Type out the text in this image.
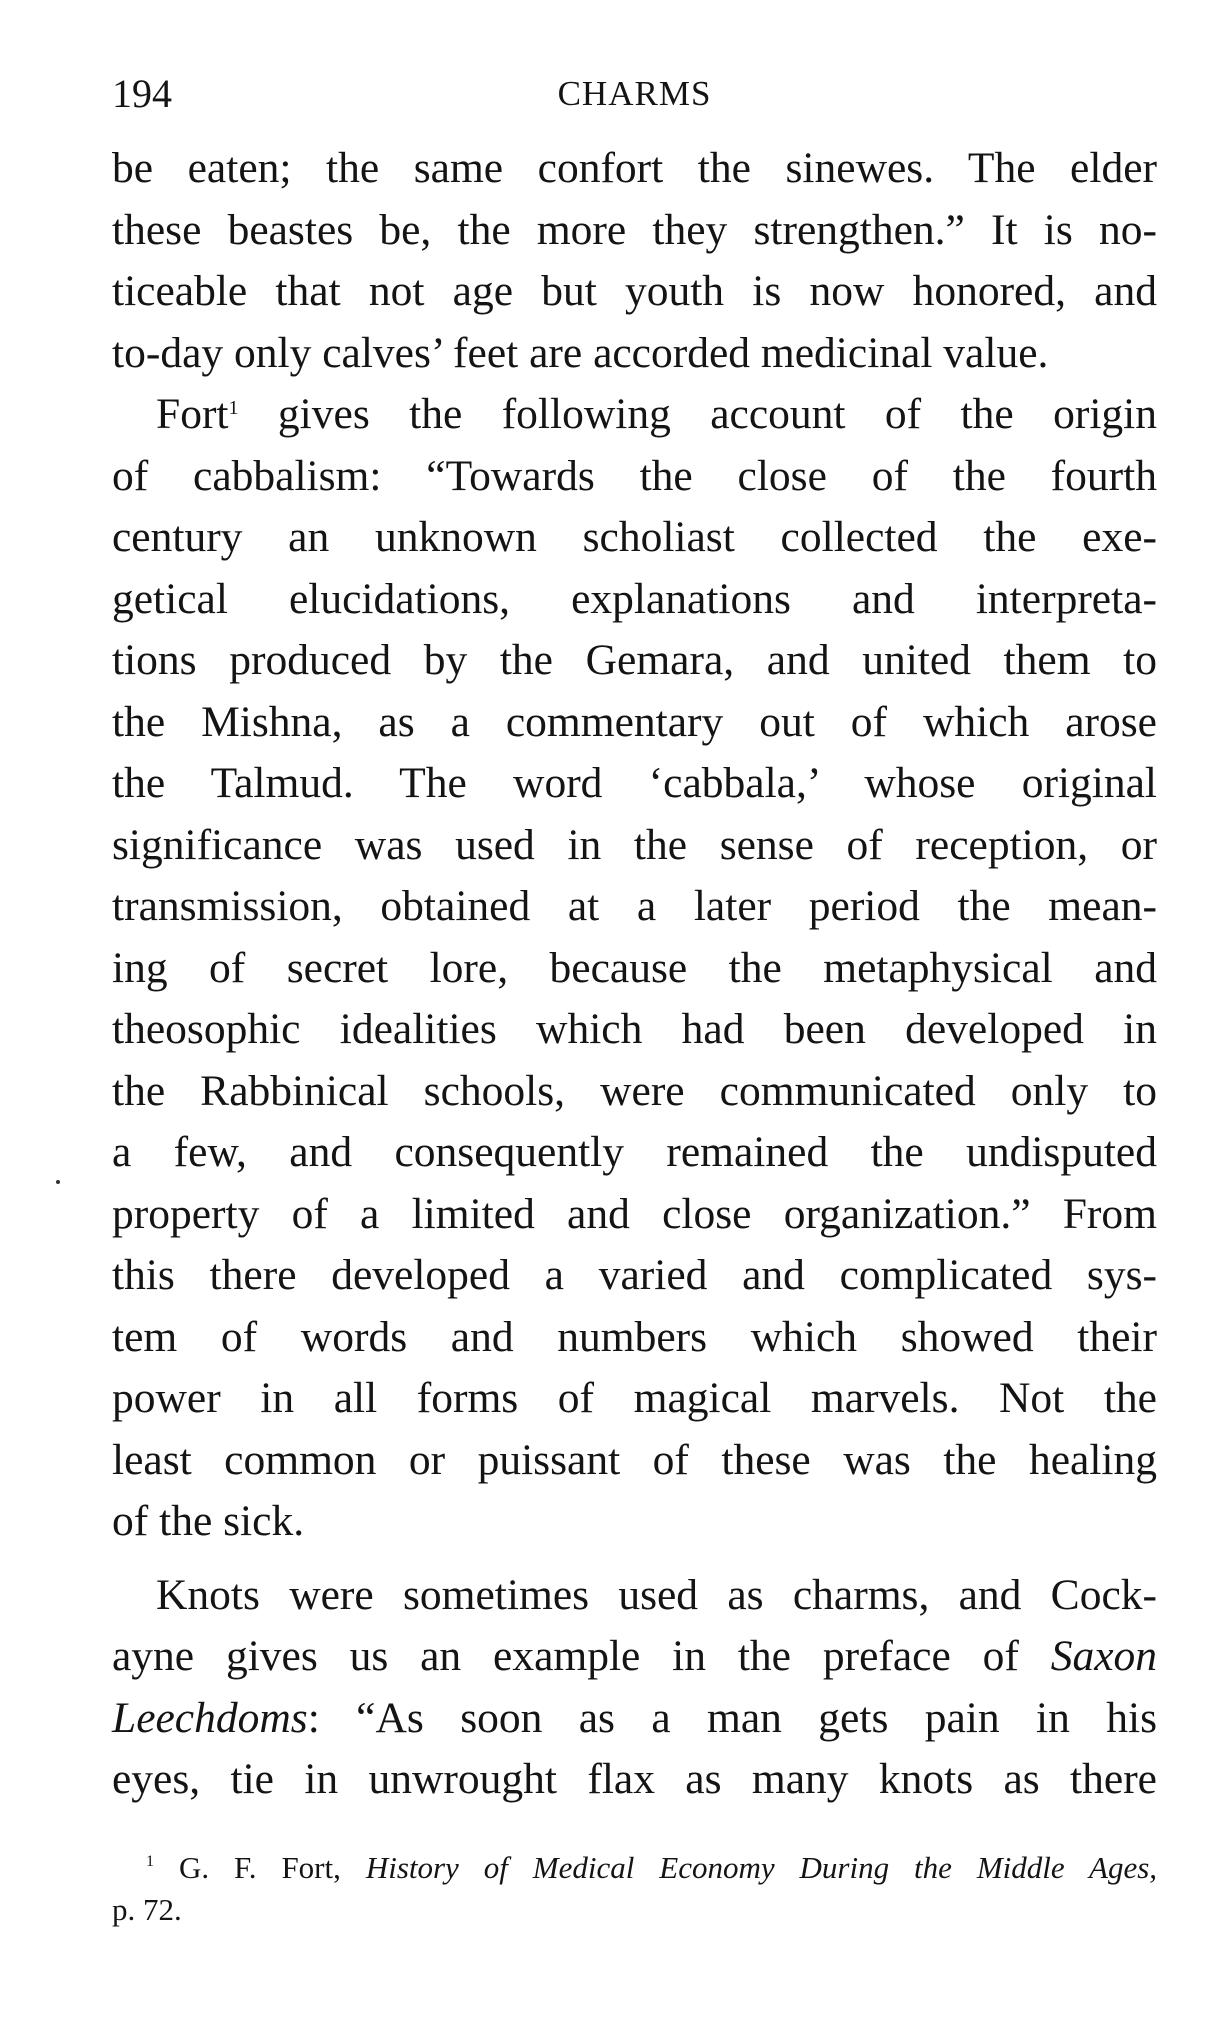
194	CHARMS

be eaten; the same confort the sinewes. The elder
these beastes be, the more they strengthen.” It is no-
ticeable that not age but youth is now honored, and
to-day only calves’ feet are accorded medicinal value.

Fort$^1$ gives the following account of the origin
of cabbalism: “Towards the close of the fourth
century an unknown scholiast collected the exe-
getical elucidations, explanations and interpreta-
tions produced by the Gemara, and united them to
the Mishna, as a commentary out of which arose
the Talmud. The word ‘cabbala,’ whose original
significance was used in the sense of reception, or
transmission, obtained at a later period the mean-
ing of secret lore, because the metaphysical and
theosophic idealities which had been developed in
the Rabbinical schools, were communicated only to
a few, and consequently remained the undisputed
property of a limited and close organization.” From
this there developed a varied and complicated sys-
tem of words and numbers which showed their
power in all forms of magical marvels. Not the
least common or puissant of these was the healing
of the sick.

Knots were sometimes used as charms, and Cock-
ayne gives us an example in the preface of Saxon
Leechdoms: “As soon as a man gets pain in his
eyes, tie in unwrought flax as many knots as there

$^1$ G. F. Fort, History of Medical Economy During the Middle Ages,
p. 72.
